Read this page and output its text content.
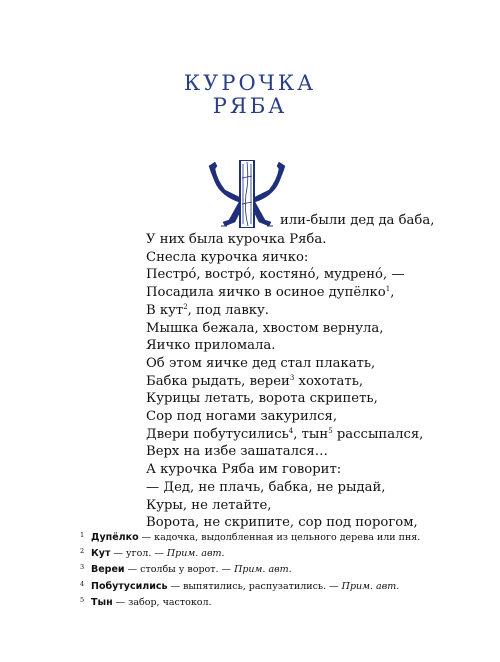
КУРОЧКА
РЯБА
или-были дед да баба,
У них была курочка Ряба.
Снесла курочка яичко:
Пестрó, вострó, костянó, мудренó, —
Посадила яичко в осиное дупёлко$^1$,
В кут$^2$, под лавку.
Мышка бежала, хвостом вернула,
Яичко приломала.
Об этом яичке дед стал плакать,
Бабка рыдать, вереи$^3$ хохотать,
Курицы летать, ворота скрипеть,
Сор под ногами закурился,
Двери побутусились$^4$, тын$^5$ рассыпался,
Верх на избе зашатался…
А курочка Ряба им говорит:
— Дед, не плачь, бабка, не рыдай,
Куры, не летайте,
Ворота, не скрипите, сор под порогом,
1 Дупёлко — кадочка, выдолбленная из цельного дерева или пня.
2 Кут — угол. — Прим. авт.
3 Вереи — столбы у ворот. — Прим. авт.
4 Побутусились — выпятились, распузатились. — Прим. авт.
5 Тын — забор, частокол.
